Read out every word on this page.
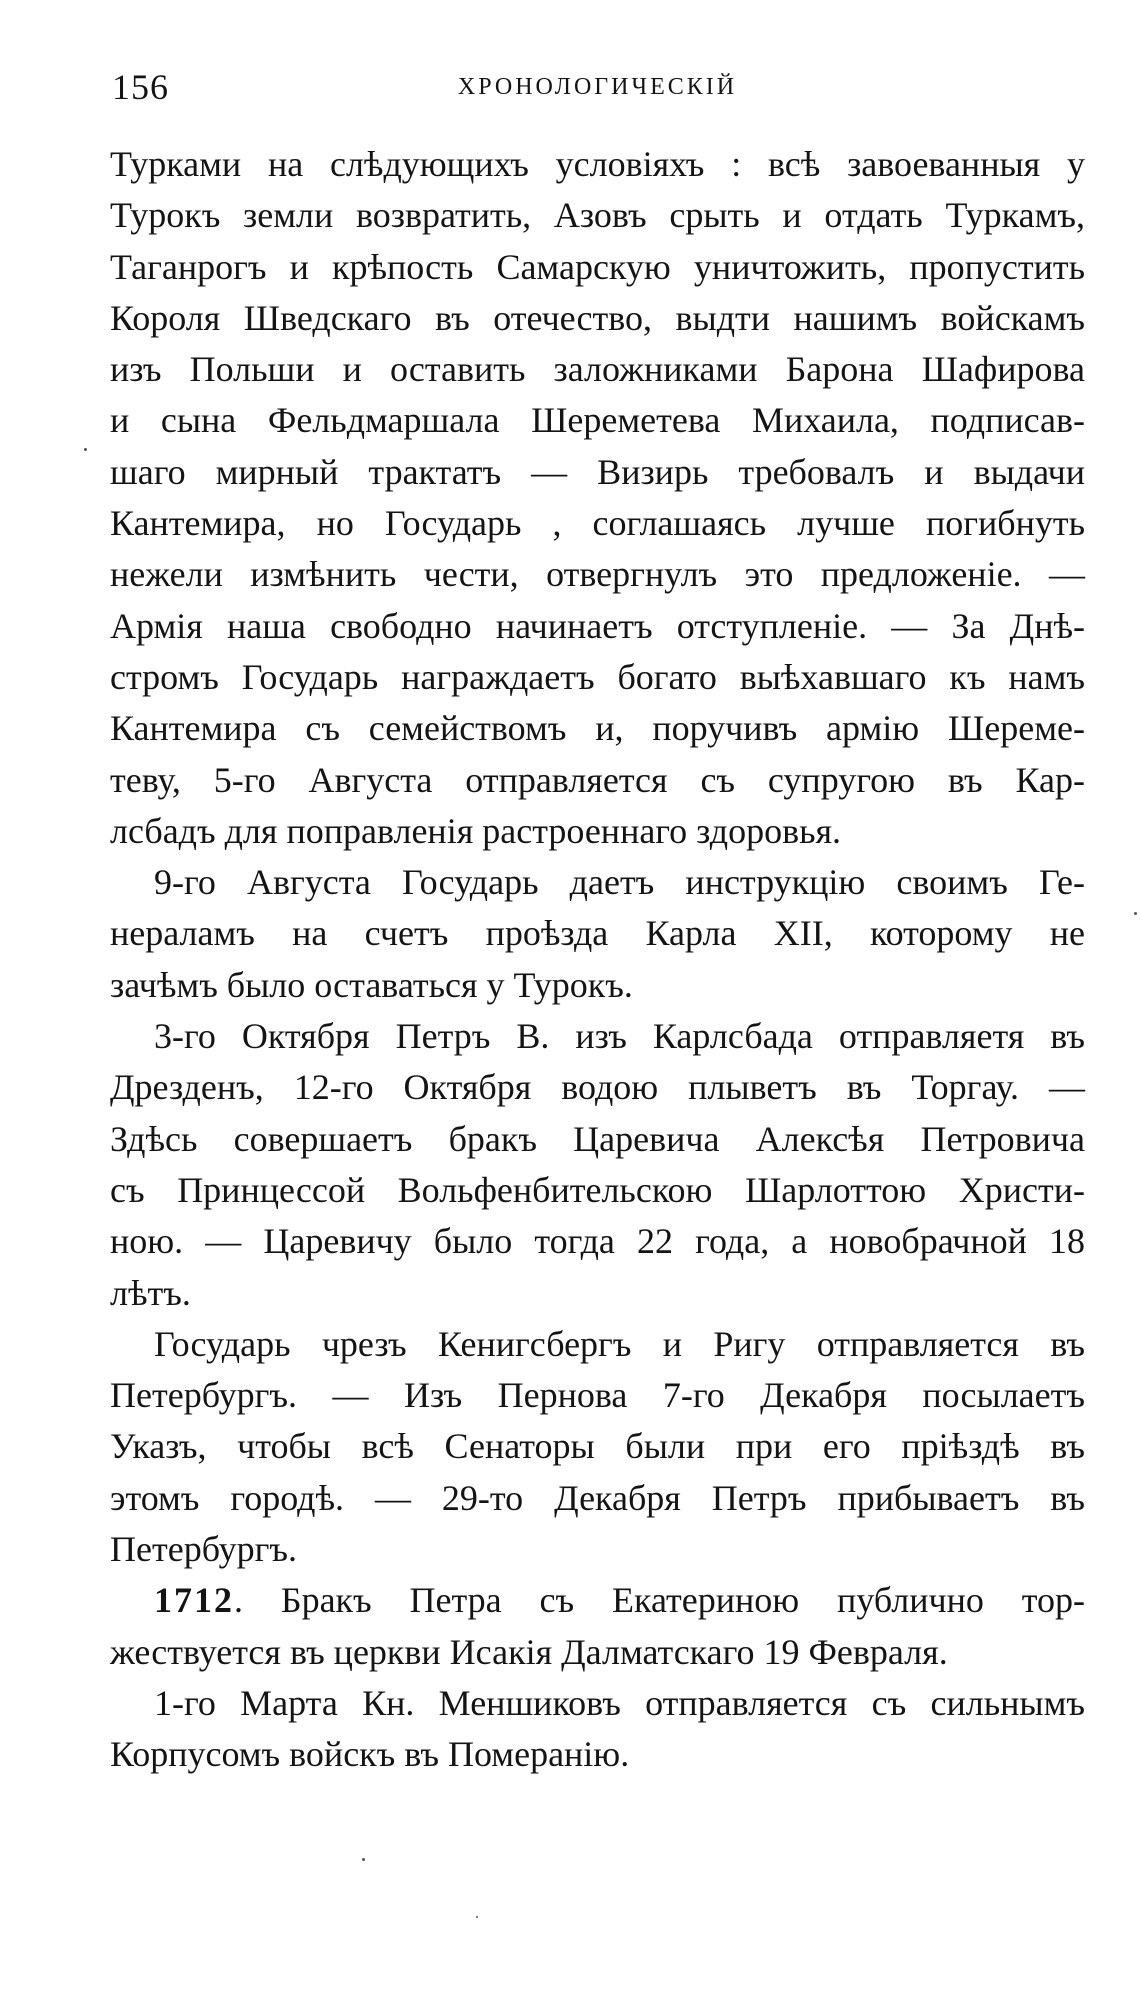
156	ХРОНОЛОГИЧЕСКІЙ

Турками на слѣдующихъ условіяхъ : всѣ завоеванныя у
Турокъ земли возвратить, Азовъ срыть и отдать Туркамъ,
Таганрогъ и крѣпость Самарскую уничтожить, пропустить
Короля Шведскаго въ отечество, выдти нашимъ войскамъ
изъ Польши и оставить заложниками Барона Шафирова
и сына Фельдмаршала Шереметева Михаила, подписав-
шаго мирный трактатъ — Визирь требовалъ и выдачи
Кантемира, но Государь , соглашаясь лучше погибнуть
нежели измѣнить чести, отвергнулъ это предложеніе. —
Армія наша свободно начинаетъ отступленіе. — За Днѣ-
стромъ Государь награждаетъ богато выѣхавшаго къ намъ
Кантемира съ семействомъ и, поручивъ армію Шереме-
теву, 5-го Августа отправляется съ супругою въ Кар-
лсбадъ для поправленія растроеннаго здоровья.

9-го Августа Государь даетъ инструкцію своимъ Ге-
нераламъ на счетъ проѣзда Карла XII, которому не
зачѣмъ было оставаться у Турокъ.

3-го Октября Петръ В. изъ Карлсбада отправляетя въ
Дрезденъ, 12-го Октября водою плыветъ въ Торгау. —
Здѣсь совершаетъ бракъ Царевича Алексѣя Петровича
съ Принцессой Вольфенбительскою Шарлоттою Христи-
ною. — Царевичу было тогда 22 года, а новобрачной 18
лѣтъ.

Государь чрезъ Кенигсбергъ и Ригу отправляется въ
Петербургъ. — Изъ Пернова 7-го Декабря посылаетъ
Указъ, чтобы всѣ Сенаторы были при его пріѣздѣ въ
этомъ городѣ. — 29-то Декабря Петръ прибываетъ въ
Петербургъ.

1712. Бракъ Петра съ Екатериною публично тор-
жествуется въ церкви Исакія Далматскаго 19 Февраля.

1-го Марта Кн. Меншиковъ отправляется съ сильнымъ
Корпусомъ войскъ въ Померанію.
